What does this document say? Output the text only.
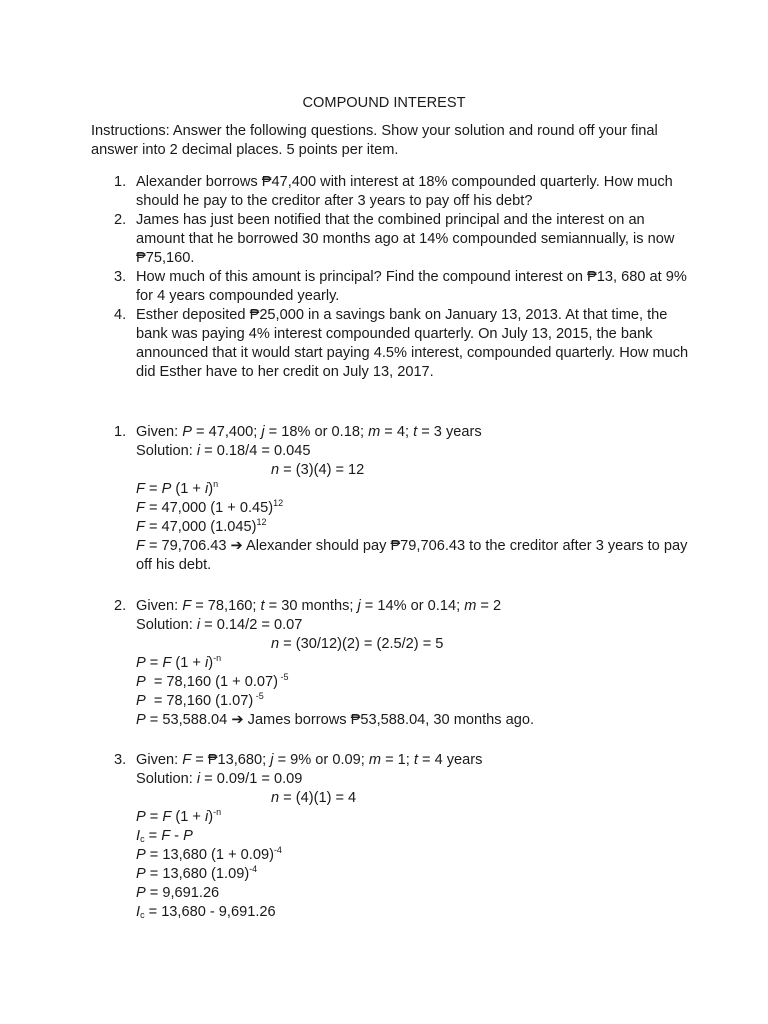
COMPOUND INTEREST
Instructions: Answer the following questions. Show your solution and round off your final answer into 2 decimal places. 5 points per item.
1. Alexander borrows ₱47,400 with interest at 18% compounded quarterly. How much should he pay to the creditor after 3 years to pay off his debt?
2. James has just been notified that the combined principal and the interest on an amount that he borrowed 30 months ago at 14% compounded semiannually, is now ₱75,160.
3. How much of this amount is principal? Find the compound interest on ₱13, 680 at 9% for 4 years compounded yearly.
4. Esther deposited ₱25,000 in a savings bank on January 13, 2013. At that time, the bank was paying 4% interest compounded quarterly. On July 13, 2015, the bank announced that it would start paying 4.5% interest, compounded quarterly. How much did Esther have to her credit on July 13, 2017.
1. Given: P = 47,400; j = 18% or 0.18; m = 4; t = 3 years
Solution: i = 0.18/4 = 0.045
n = (3)(4) = 12
F = P $(1 + i)^n$
F = 47,000 $(1 + 0.45)^{12}$
F = 47,000 $(1.045)^{12}$
F = 79,706.43 ➔ Alexander should pay ₱79,706.43 to the creditor after 3 years to pay off his debt.
2. Given: F = 78,160; t = 30 months; j = 14% or 0.14; m = 2
Solution: i = 0.14/2 = 0.07
n = (30/12)(2) = (2.5/2) = 5
P = F $(1 + i)^{-n}$
P  = 78,160 (1 + 0.07) $^{-5}$
P  = 78,160 (1.07) $^{-5}$
P = 53,588.04 ➔ James borrows ₱53,588.04, 30 months ago.
3. Given: F = ₱13,680; j = 9% or 0.09; m = 1; t = 4 years
Solution: i = 0.09/1 = 0.09
n = (4)(1) = 4
P = F $(1 + i)^{-n}$
$I_c = F - P$
P = 13,680 $(1 + 0.09)^{-4}$
P = 13,680 $(1.09)^{-4}$
P = 9,691.26
$I_c = 13,680 - 9,691.26$
